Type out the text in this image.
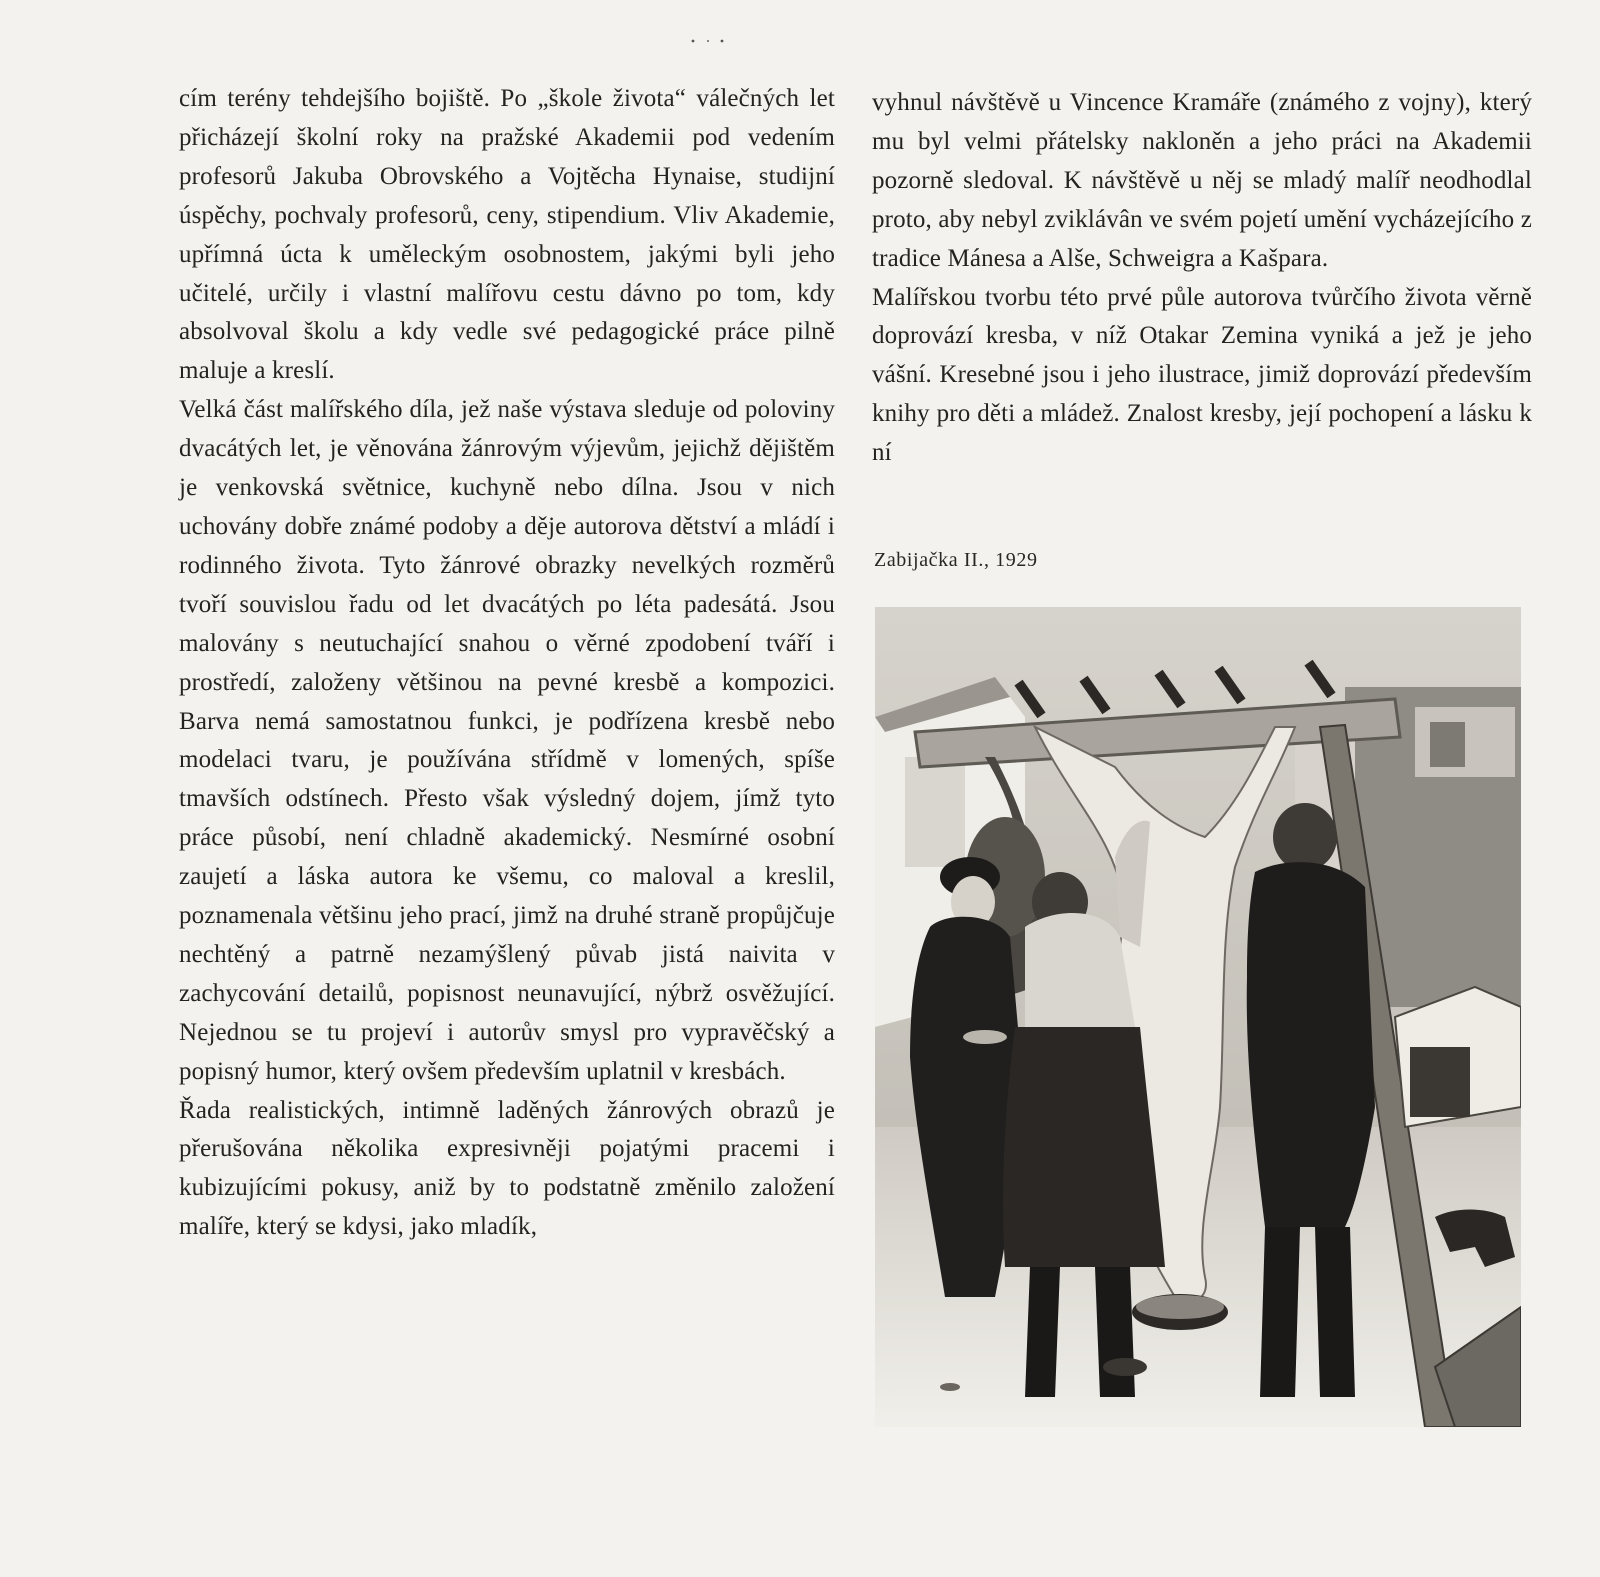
cím terény tehdejšího bojiště. Po „škole života“ válečných let přicházejí školní roky na pražské Akademii pod vedením profesorů Jakuba Obrovského a Vojtěcha Hynaise, studijní úspěchy, pochvaly profesorů, ceny, stipendium. Vliv Akademie, upřímná úcta k uměleckým osobnostem, jakými byli jeho učitelé, určily i vlastní malířovu cestu dávno po tom, kdy absolvoval školu a kdy vedle své pedagogické práce pilně maluje a kreslí.

Velká část malířského díla, jež naše výstava sleduje od poloviny dvacátých let, je věnována žánrovým výjevům, jejichž dějištěm je venkovská světnice, kuchyně nebo dílna. Jsou v nich uchovány dobře známé podoby a děje autorova dětství a mládí i rodinného života. Tyto žánrové obrazky nevelkých rozměrů tvoří souvislou řadu od let dvacátých po léta padesátá. Jsou malovány s neutuchající snahou o věrné zpodobení tváří i prostředí, založeny většinou na pevné kresbě a kompozici. Barva nemá samostatnou funkci, je podřízena kresbě nebo modelaci tvaru, je používána střídmě v lomených, spíše tmavších odstínech. Přesto však výsledný dojem, jímž tyto práce působí, není chladně akademický. Nesmírné osobní zaujetí a láska autora ke všemu, co maloval a kreslil, poznamenala většinu jeho prací, jimž na druhé straně propůjčuje nechtěný a patrně nezamýšlený půvab jistá naivita v zachycování detailů, popisnost neunavující, nýbrž osvěžující. Nejednou se tu projeví i autorův smysl pro vypravěčský a popisný humor, který ovšem především uplatnil v kresbách.

Řada realistických, intimně laděných žánrových obrazů je přerušována několika expresivněji pojatými pracemi i kubizujícími pokusy, aniž by to podstatně změnilo založení malíře, který se kdysi, jako mladík,

vyhnul návštěvě u Vincence Kramáře (známého z vojny), který mu byl velmi přátelsky nakloněn a jeho práci na Akademii pozorně sledoval. K návštěvě u něj se mladý malíř neodhodlal proto, aby nebyl zviklávân ve svém pojetí umění vycházejícího z tradice Mánesa a Alše, Schweigra a Kašpara.

Malířskou tvorbu této prvé půle autorova tvůrčího života věrně doprovází kresba, v níž Otakar Zemina vyniká a jež je jeho vášní. Kresebné jsou i jeho ilustrace, jimiž doprovází především knihy pro děti a mládež. Znalost kresby, její pochopení a lásku k ní

Zabijačka II., 1929
